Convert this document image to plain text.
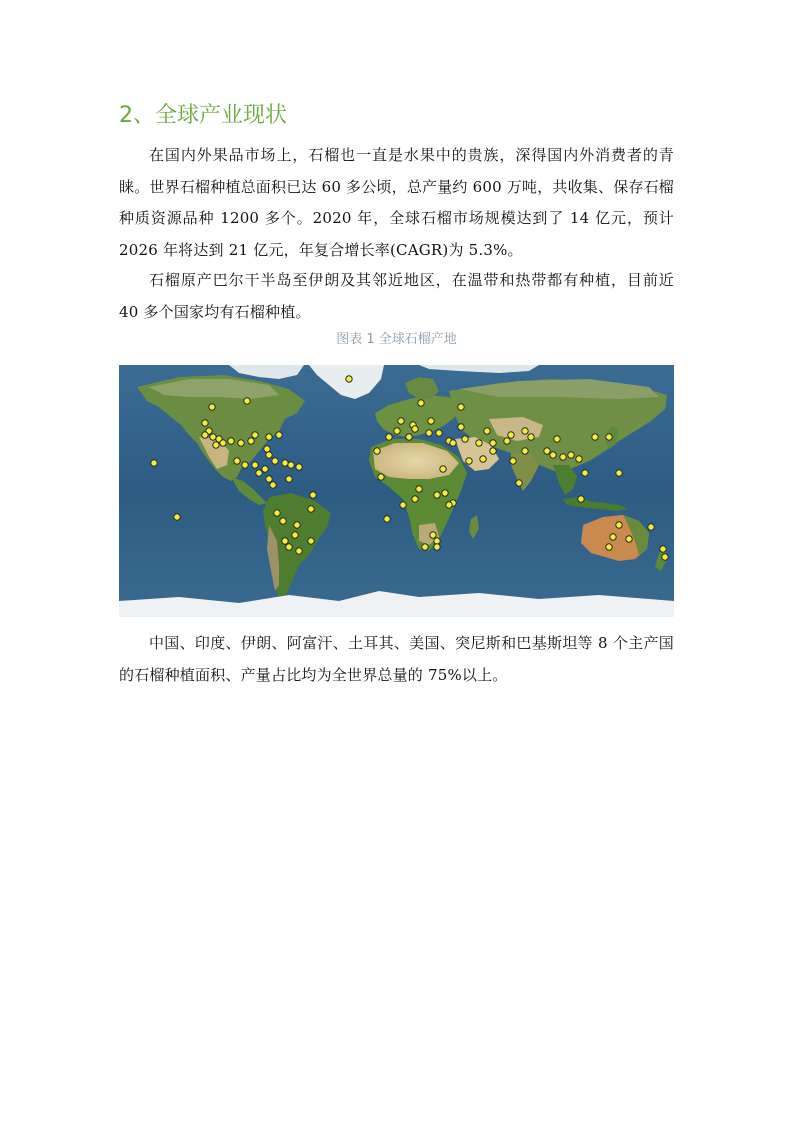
2、全球产业现状

在国内外果品市场上，石榴也一直是水果中的贵族，深得国内外消费者的青睐。世界石榴种植总面积已达 60 多公顷，总产量约 600 万吨，共收集、保存石榴种质资源品种 1200 多个。2020 年，全球石榴市场规模达到了 14 亿元，预计 2026 年将达到 21 亿元，年复合增长率(CAGR)为 5.3%。

石榴原产巴尔干半岛至伊朗及其邻近地区，在温带和热带都有种植，目前近 40 多个国家均有石榴种植。

图表 1 全球石榴产地

中国、印度、伊朗、阿富汗、土耳其、美国、突尼斯和巴基斯坦等 8 个主产国的石榴种植面积、产量占比均为全世界总量的 75%以上。
